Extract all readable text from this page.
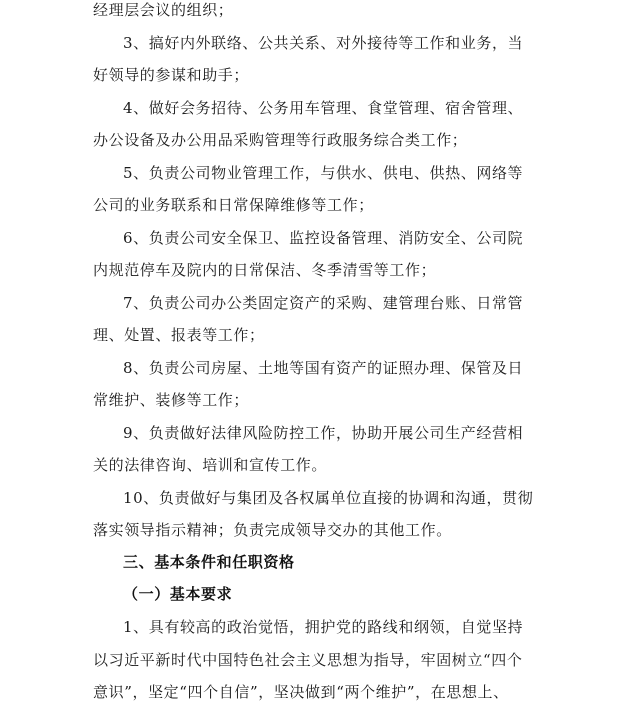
经理层会议的组织；
3、搞好内外联络、公共关系、对外接待等工作和业务，当
好领导的参谋和助手；
4、做好会务招待、公务用车管理、食堂管理、宿舍管理、
办公设备及办公用品采购管理等行政服务综合类工作；
5、负责公司物业管理工作，与供水、供电、供热、网络等
公司的业务联系和日常保障维修等工作；
6、负责公司安全保卫、监控设备管理、消防安全、公司院
内规范停车及院内的日常保洁、冬季清雪等工作；
7、负责公司办公类固定资产的采购、建管理台账、日常管
理、处置、报表等工作；
8、负责公司房屋、土地等国有资产的证照办理、保管及日
常维护、装修等工作；
9、负责做好法律风险防控工作，协助开展公司生产经营相
关的法律咨询、培训和宣传工作。
10、负责做好与集团及各权属单位直接的协调和沟通，贯彻
落实领导指示精神；负责完成领导交办的其他工作。
三、基本条件和任职资格
（一）基本要求
1、具有较高的政治觉悟，拥护党的路线和纲领，自觉坚持
以习近平新时代中国特色社会主义思想为指导，牢固树立“四个
意识”，坚定“四个自信”，坚决做到“两个维护”，在思想上、
